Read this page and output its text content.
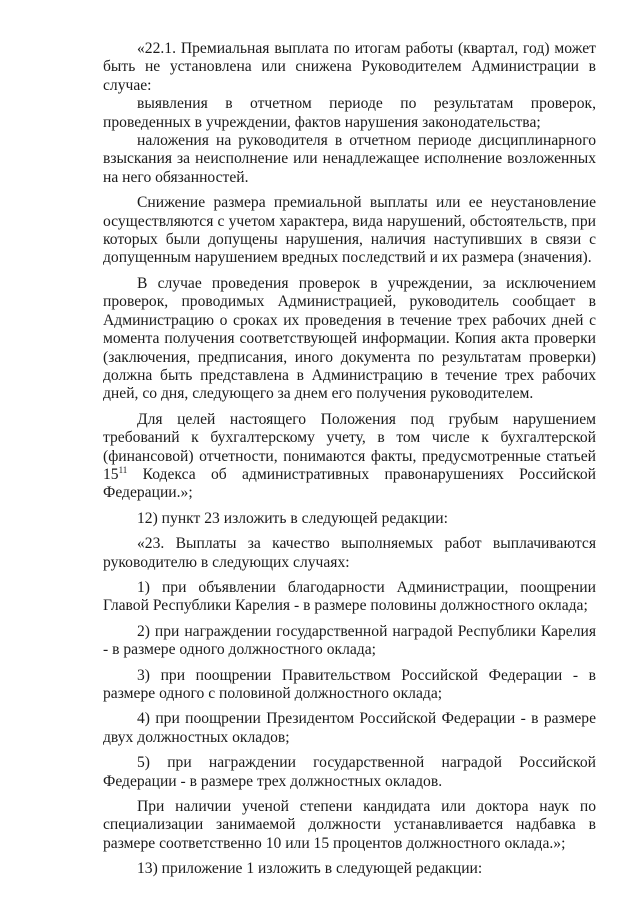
«22.1. Премиальная выплата по итогам работы (квартал, год) может быть не установлена или снижена Руководителем Администрации в случае:

выявления в отчетном периоде по результатам проверок, проведенных в учреждении, фактов нарушения законодательства;

наложения на руководителя в отчетном периоде дисциплинарного взыскания за неисполнение или ненадлежащее исполнение возложенных на него обязанностей.

Снижение размера премиальной выплаты или ее неустановление осуществляются с учетом характера, вида нарушений, обстоятельств, при которых были допущены нарушения, наличия наступивших в связи с допущенным нарушением вредных последствий и их размера (значения).

В случае проведения проверок в учреждении, за исключением проверок, проводимых Администрацией, руководитель сообщает в Администрацию о сроках их проведения в течение трех рабочих дней с момента получения соответствующей информации. Копия акта проверки (заключения, предписания, иного документа по результатам проверки) должна быть представлена в Администрацию в течение трех рабочих дней, со дня, следующего за днем его получения руководителем.

Для целей настоящего Положения под грубым нарушением требований к бухгалтерскому учету, в том числе к бухгалтерской (финансовой) отчетности, понимаются факты, предусмотренные статьей $15^{11}$ Кодекса об административных правонарушениях Российской Федерации.»;

12) пункт 23 изложить в следующей редакции:

«23. Выплаты за качество выполняемых работ выплачиваются руководителю в следующих случаях:

1) при объявлении благодарности Администрации, поощрении Главой Республики Карелия - в размере половины должностного оклада;

2) при награждении государственной наградой Республики Карелия - в размере одного должностного оклада;

3) при поощрении Правительством Российской Федерации - в размере одного с половиной должностного оклада;

4) при поощрении Президентом Российской Федерации - в размере двух должностных окладов;

5) при награждении государственной наградой Российской Федерации - в размере трех должностных окладов.

При наличии ученой степени кандидата или доктора наук по специализации занимаемой должности устанавливается надбавка в размере соответственно 10 или 15 процентов должностного оклада.»;

13) приложение 1 изложить в следующей редакции:
